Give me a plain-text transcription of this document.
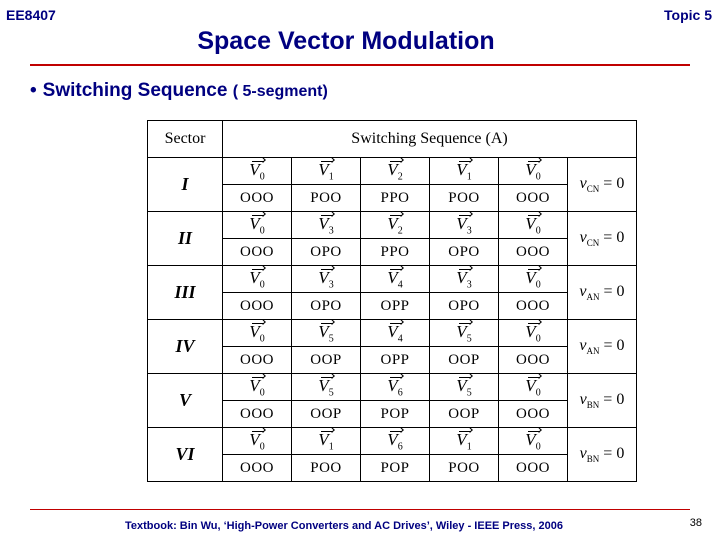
EE8407	Topic 5
Space Vector Modulation
• Switching Sequence ( 5-segment)
Sector	Switching Sequence (A)					
I	$V_0$	$V_1$	$V_2$	$V_1$	$V_0$	$v_{CN} = 0$
	OOO	POO	PPO	POO	OOO	
II	$V_0$	$V_3$	$V_2$	$V_3$	$V_0$	$v_{CN} = 0$
	OOO	OPO	PPO	OPO	OOO	
III	$V_0$	$V_3$	$V_4$	$V_3$	$V_0$	$v_{AN} = 0$
	OOO	OPO	OPP	OPO	OOO	
IV	$V_0$	$V_5$	$V_4$	$V_5$	$V_0$	$v_{AN} = 0$
	OOO	OOP	OPP	OOP	OOO	
V	$V_0$	$V_5$	$V_6$	$V_5$	$V_0$	$v_{BN} = 0$
	OOO	OOP	POP	OOP	OOO	
VI	$V_0$	$V_1$	$V_6$	$V_1$	$V_0$	$v_{BN} = 0$
	OOO	POO	POP	POO	OOO	
Textbook: Bin Wu, ‘High-Power Converters and AC Drives’, Wiley - IEEE Press, 2006	38
